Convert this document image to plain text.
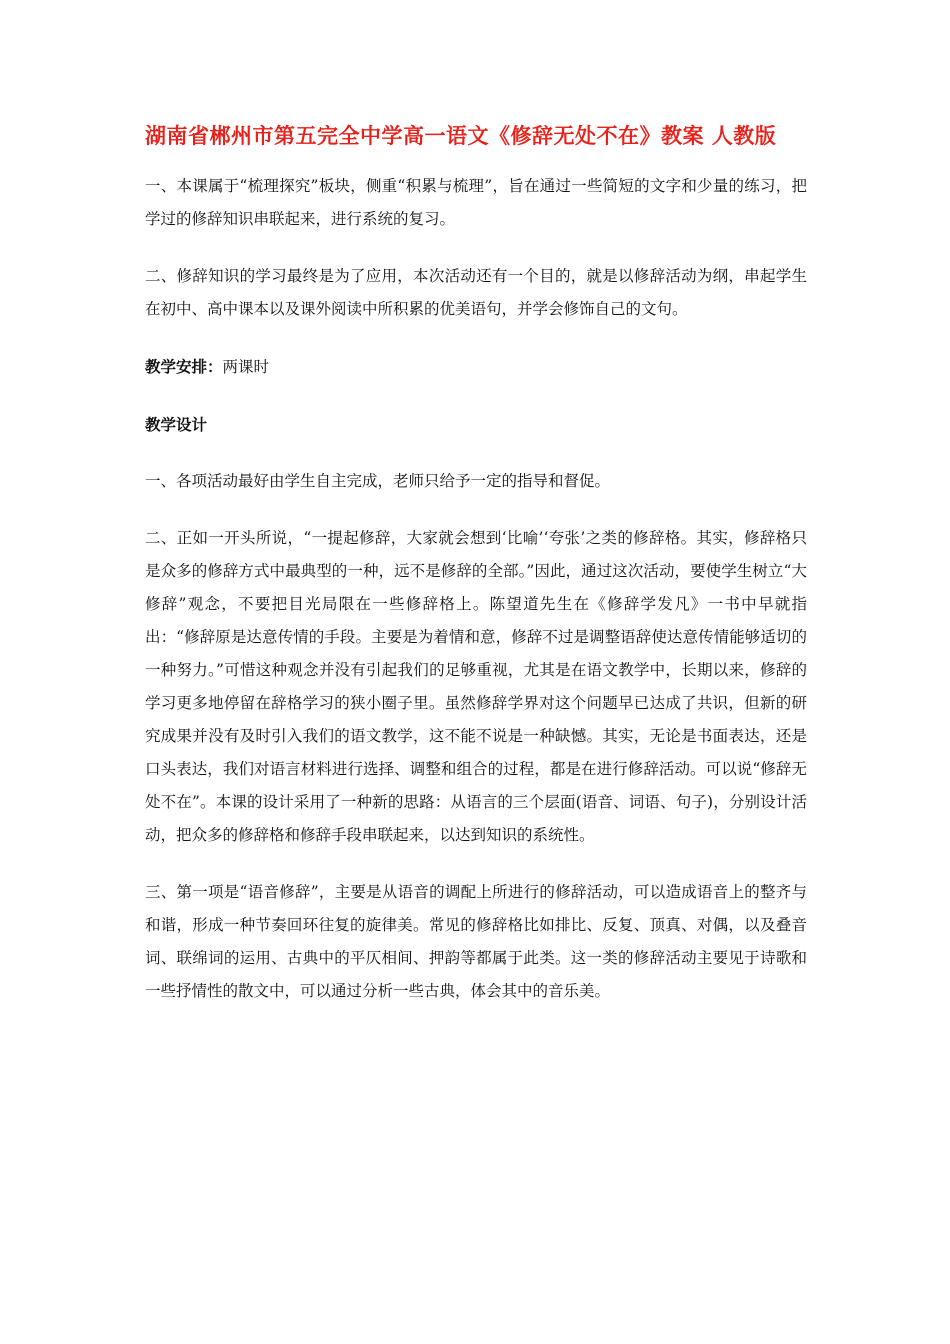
湖南省郴州市第五完全中学高一语文《修辞无处不在》教案 人教版

一、本课属于“梳理探究”板块，侧重“积累与梳理”，旨在通过一些简短的文字和少量的练习，把学过的修辞知识串联起来，进行系统的复习。

二、修辞知识的学习最终是为了应用，本次活动还有一个目的，就是以修辞活动为纲，串起学生在初中、高中课本以及课外阅读中所积累的优美语句，并学会修饰自己的文句。

教学安排：两课时

教学设计

一、各项活动最好由学生自主完成，老师只给予一定的指导和督促。

二、正如一开头所说，“一提起修辞，大家就会想到‘比喻’‘夸张’之类的修辞格。其实，修辞格只是众多的修辞方式中最典型的一种，远不是修辞的全部。”因此，通过这次活动，要使学生树立“大修辞”观念，不要把目光局限在一些修辞格上。陈望道先生在《修辞学发凡》一书中早就指出：“修辞原是达意传情的手段。主要是为着情和意，修辞不过是调整语辞使达意传情能够适切的一种努力。”可惜这种观念并没有引起我们的足够重视，尤其是在语文教学中，长期以来，修辞的学习更多地停留在辞格学习的狭小圈子里。虽然修辞学界对这个问题早已达成了共识，但新的研究成果并没有及时引入我们的语文教学，这不能不说是一种缺憾。其实，无论是书面表达，还是口头表达，我们对语言材料进行选择、调整和组合的过程，都是在进行修辞活动。可以说“修辞无处不在”。本课的设计采用了一种新的思路：从语言的三个层面(语音、词语、句子)，分别设计活动，把众多的修辞格和修辞手段串联起来，以达到知识的系统性。

三、第一项是“语音修辞”，主要是从语音的调配上所进行的修辞活动，可以造成语音上的整齐与和谐，形成一种节奏回环往复的旋律美。常见的修辞格比如排比、反复、顶真、对偶，以及叠音词、联绵词的运用、古典中的平仄相间、押韵等都属于此类。这一类的修辞活动主要见于诗歌和一些抒情性的散文中，可以通过分析一些古典，体会其中的音乐美。
